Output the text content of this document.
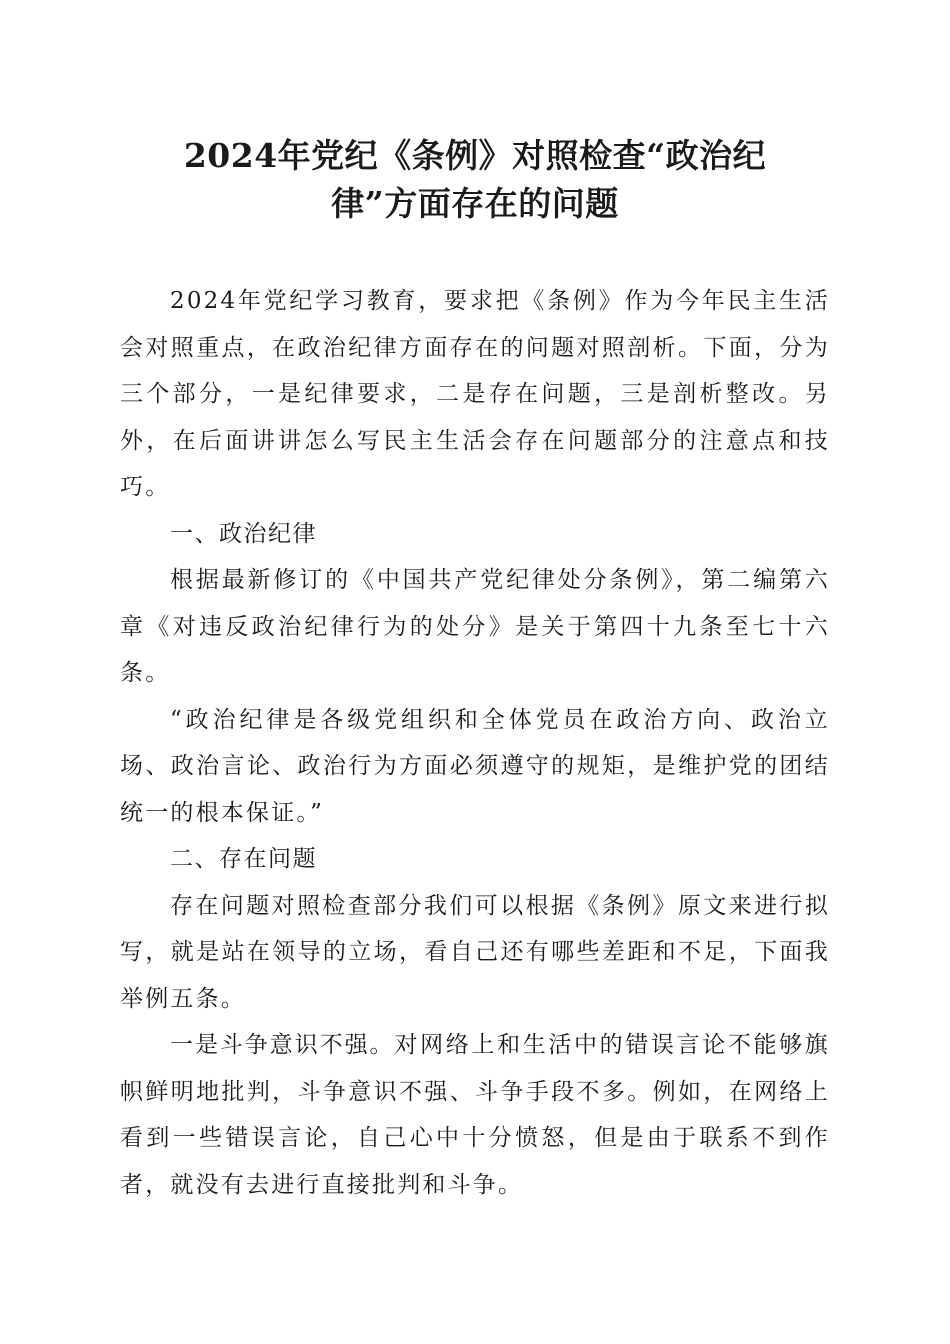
2024年党纪《条例》对照检查“政治纪
律”方面存在的问题

2024年党纪学习教育，要求把《条例》作为今年民主生活会对照重点，在政治纪律方面存在的问题对照剖析。下面，分为三个部分，一是纪律要求，二是存在问题，三是剖析整改。另外，在后面讲讲怎么写民主生活会存在问题部分的注意点和技巧。

一、政治纪律

根据最新修订的《中国共产党纪律处分条例》，第二编第六章《对违反政治纪律行为的处分》是关于第四十九条至七十六条。

“政治纪律是各级党组织和全体党员在政治方向、政治立场、政治言论、政治行为方面必须遵守的规矩，是维护党的团结统一的根本保证。”

二、存在问题

存在问题对照检查部分我们可以根据《条例》原文来进行拟写，就是站在领导的立场，看自己还有哪些差距和不足，下面我举例五条。

一是斗争意识不强。对网络上和生活中的错误言论不能够旗帜鲜明地批判，斗争意识不强、斗争手段不多。例如，在网络上看到一些错误言论，自己心中十分愤怒，但是由于联系不到作者，就没有去进行直接批判和斗争。
